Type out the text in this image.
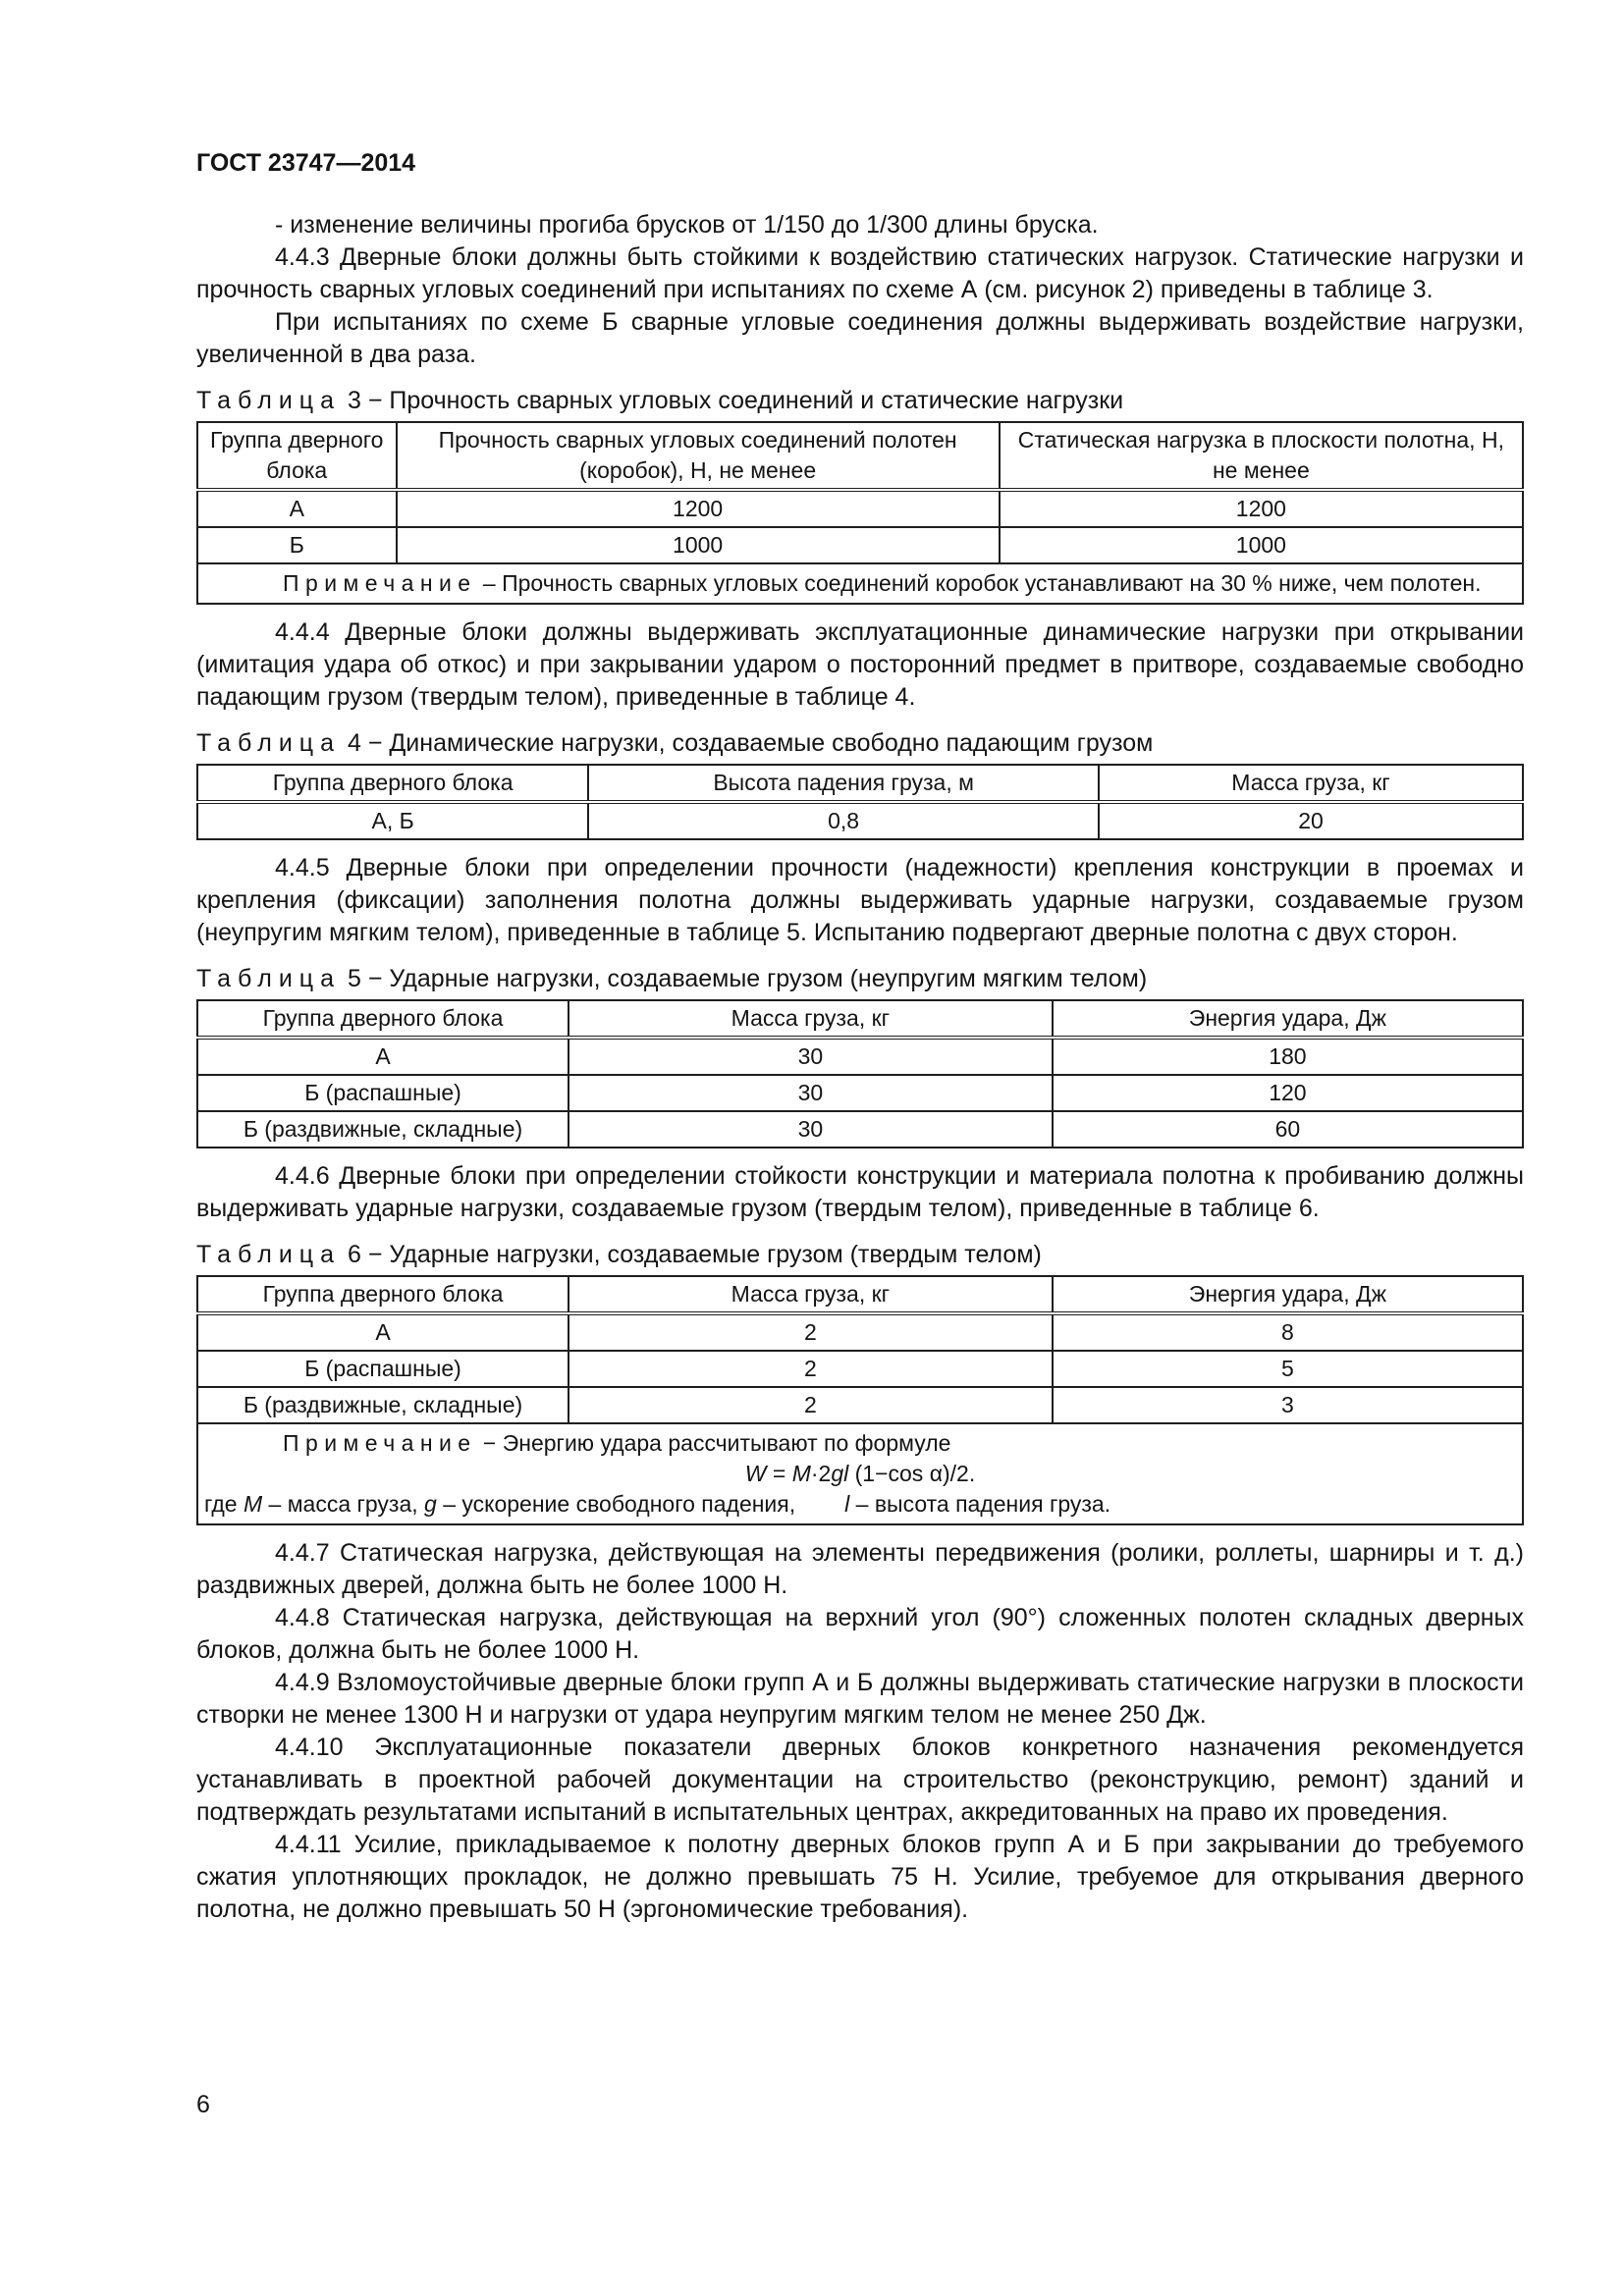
ГОСТ 23747—2014

- изменение величины прогиба брусков от 1/150 до 1/300 длины бруска.

4.4.3 Дверные блоки должны быть стойкими к воздействию статических нагрузок. Статические нагрузки и прочность сварных угловых соединений при испытаниях по схеме А (см. рисунок 2) приведены в таблице 3.

При испытаниях по схеме Б сварные угловые соединения должны выдерживать воздействие нагрузки, увеличенной в два раза.

Таблица 3 − Прочность сварных угловых соединений и статические нагрузки
Группа дверного блока	Прочность сварных угловых соединений полотен (коробок), Н, не менее	Статическая нагрузка в плоскости полотна, Н, не менее
А	1200	1200
Б	1000	1000
Примечание – Прочность сварных угловых соединений коробок устанавливают на 30 % ниже, чем полотен.		

4.4.4 Дверные блоки должны выдерживать эксплуатационные динамические нагрузки при открывании (имитация удара об откос) и при закрывании ударом о посторонний предмет в притворе, создаваемые свободно падающим грузом (твердым телом), приведенные в таблице 4.

Таблица 4 − Динамические нагрузки, создаваемые свободно падающим грузом
Группа дверного блока	Высота падения груза, м	Масса груза, кг
А, Б	0,8	20

4.4.5 Дверные блоки при определении прочности (надежности) крепления конструкции в проемах и крепления (фиксации) заполнения полотна должны выдерживать ударные нагрузки, создаваемые грузом (неупругим мягким телом), приведенные в таблице 5. Испытанию подвергают дверные полотна с двух сторон.

Таблица 5 − Ударные нагрузки, создаваемые грузом (неупругим мягким телом)
Группа дверного блока	Масса груза, кг	Энергия удара, Дж
А	30	180
Б (распашные)	30	120
Б (раздвижные, складные)	30	60

4.4.6 Дверные блоки при определении стойкости конструкции и материала полотна к пробиванию должны выдерживать ударные нагрузки, создаваемые грузом (твердым телом), приведенные в таблице 6.

Таблица 6 − Ударные нагрузки, создаваемые грузом (твердым телом)
Группа дверного блока	Масса груза, кг	Энергия удара, Дж
А	2	8
Б (распашные)	2	5
Б (раздвижные, складные)	2	3

Примечание − Энергию удара рассчитывают по формуле
W = M·2gl (1−cos α)/2.
где M – масса груза, g – ускорение свободного падения, l – высота падения груза.		

4.4.7 Статическая нагрузка, действующая на элементы передвижения (ролики, роллеты, шарниры и т. д.) раздвижных дверей, должна быть не более 1000 Н.

4.4.8 Статическая нагрузка, действующая на верхний угол (90°) сложенных полотен складных дверных блоков, должна быть не более 1000 Н.

4.4.9 Взломоустойчивые дверные блоки групп А и Б должны выдерживать статические нагрузки в плоскости створки не менее 1300 Н и нагрузки от удара неупругим мягким телом не менее 250 Дж.

4.4.10 Эксплуатационные показатели дверных блоков конкретного назначения рекомендуется устанавливать в проектной рабочей документации на строительство (реконструкцию, ремонт) зданий и подтверждать результатами испытаний в испытательных центрах, аккредитованных на право их проведения.

4.4.11 Усилие, прикладываемое к полотну дверных блоков групп А и Б при закрывании до требуемого сжатия уплотняющих прокладок, не должно превышать 75 Н. Усилие, требуемое для открывания дверного полотна, не должно превышать 50 Н (эргономические требования).

6
